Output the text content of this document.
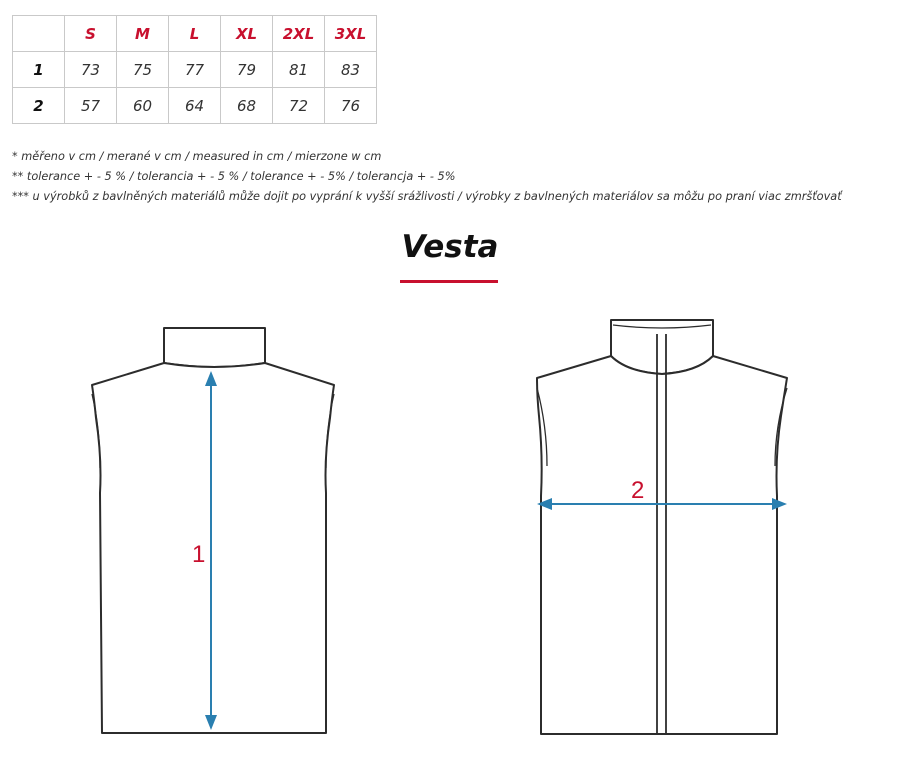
	S	M	L	XL	2XL	3XL
1	73	75	77	79	81	83
2	57	60	64	68	72	76
* měřeno v cm / merané v cm / measured in cm / mierzone w cm
** tolerance + - 5 % / tolerancia + - 5 % / tolerance + - 5% / tolerancja + - 5%
*** u výrobků z bavlněných materiálů může dojit po vyprání k vyšší srážlivosti / výrobky z bavlnených materiálov sa môžu po praní viac zmršťovať
Vesta
1
2
